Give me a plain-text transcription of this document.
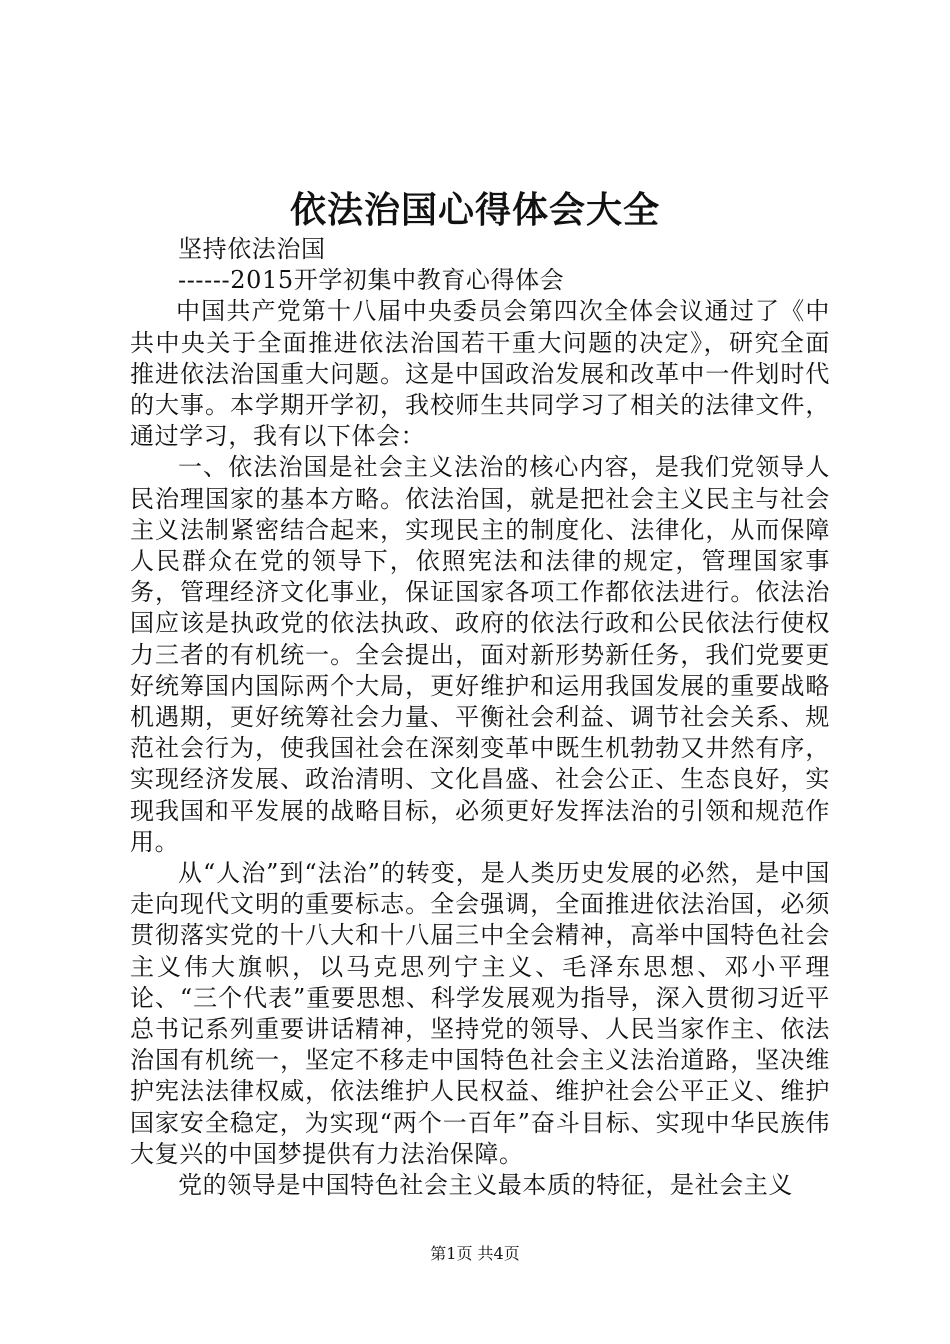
依法治国心得体会大全

坚持依法治国

------2015开学初集中教育心得体会

中国共产党第十八届中央委员会第四次全体会议通过了《中共中央关于全面推进依法治国若干重大问题的决定》，研究全面推进依法治国重大问题。这是中国政治发展和改革中一件划时代的大事。本学期开学初，我校师生共同学习了相关的法律文件，通过学习，我有以下体会：

一、依法治国是社会主义法治的核心内容，是我们党领导人民治理国家的基本方略。依法治国，就是把社会主义民主与社会主义法制紧密结合起来，实现民主的制度化、法律化，从而保障人民群众在党的领导下，依照宪法和法律的规定，管理国家事务，管理经济文化事业，保证国家各项工作都依法进行。依法治国应该是执政党的依法执政、政府的依法行政和公民依法行使权力三者的有机统一。全会提出，面对新形势新任务，我们党要更好统筹国内国际两个大局，更好维护和运用我国发展的重要战略机遇期，更好统筹社会力量、平衡社会利益、调节社会关系、规范社会行为，使我国社会在深刻变革中既生机勃勃又井然有序，实现经济发展、政治清明、文化昌盛、社会公正、生态良好，实现我国和平发展的战略目标，必须更好发挥法治的引领和规范作用。

从“人治”到“法治”的转变，是人类历史发展的必然，是中国走向现代文明的重要标志。全会强调，全面推进依法治国，必须贯彻落实党的十八大和十八届三中全会精神，高举中国特色社会主义伟大旗帜，以马克思列宁主义、毛泽东思想、邓小平理论、“三个代表”重要思想、科学发展观为指导，深入贯彻习近平总书记系列重要讲话精神，坚持党的领导、人民当家作主、依法治国有机统一，坚定不移走中国特色社会主义法治道路，坚决维护宪法法律权威，依法维护人民权益、维护社会公平正义、维护国家安全稳定，为实现“两个一百年”奋斗目标、实现中华民族伟大复兴的中国梦提供有力法治保障。

党的领导是中国特色社会主义最本质的特征，是社会主义

第1页 共4页
